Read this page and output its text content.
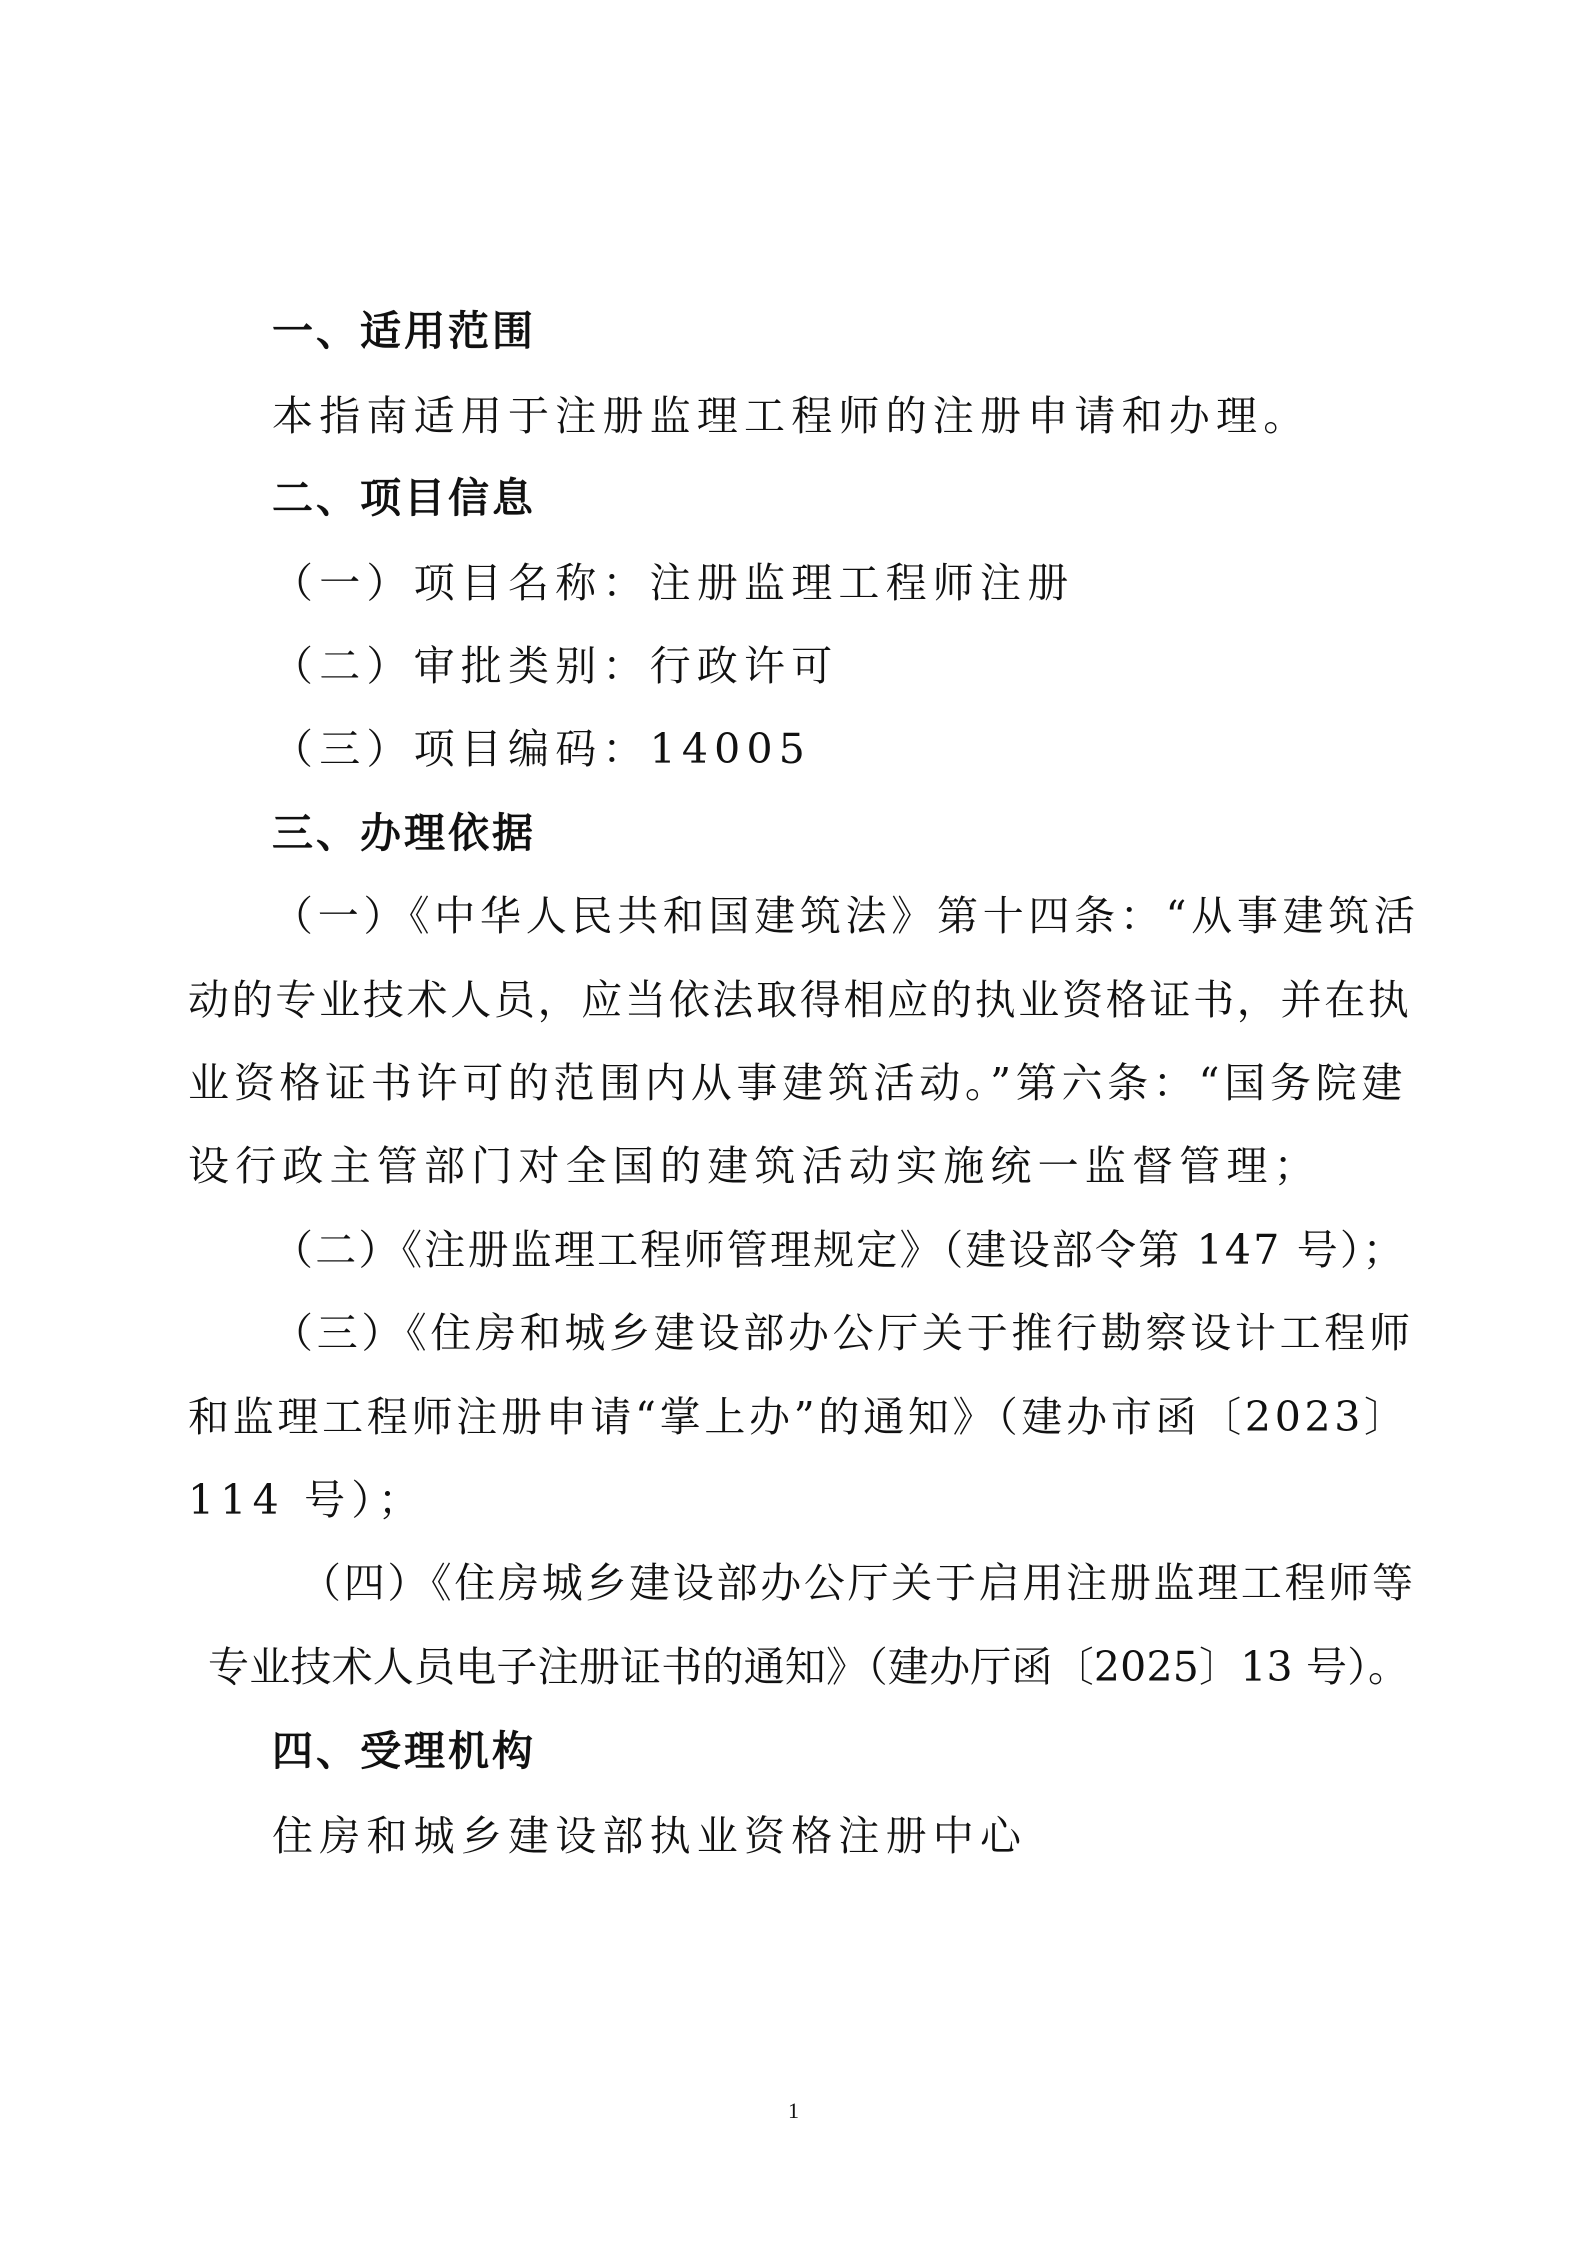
一、适用范围
本指南适用于注册监理工程师的注册申请和办理。
二、项目信息
（一）项目名称：注册监理工程师注册
（二）审批类别：行政许可
（三）项目编码：14005
三、办理依据
（一）《中华人民共和国建筑法》第十四条：“从事建筑活
动的专业技术人员，应当依法取得相应的执业资格证书，并在执
业资格证书许可的范围内从事建筑活动。”第六条：“国务院建
设行政主管部门对全国的建筑活动实施统一监督管理；
（二）《注册监理工程师管理规定》（建设部令第 147 号）；
（三）《住房和城乡建设部办公厅关于推行勘察设计工程师
和监理工程师注册申请“掌上办”的通知》（建办市函〔2023〕
114 号）；
（四）《住房城乡建设部办公厅关于启用注册监理工程师等
专业技术人员电子注册证书的通知》（建办厅函〔2025〕13 号）。
四、受理机构
住房和城乡建设部执业资格注册中心
1
